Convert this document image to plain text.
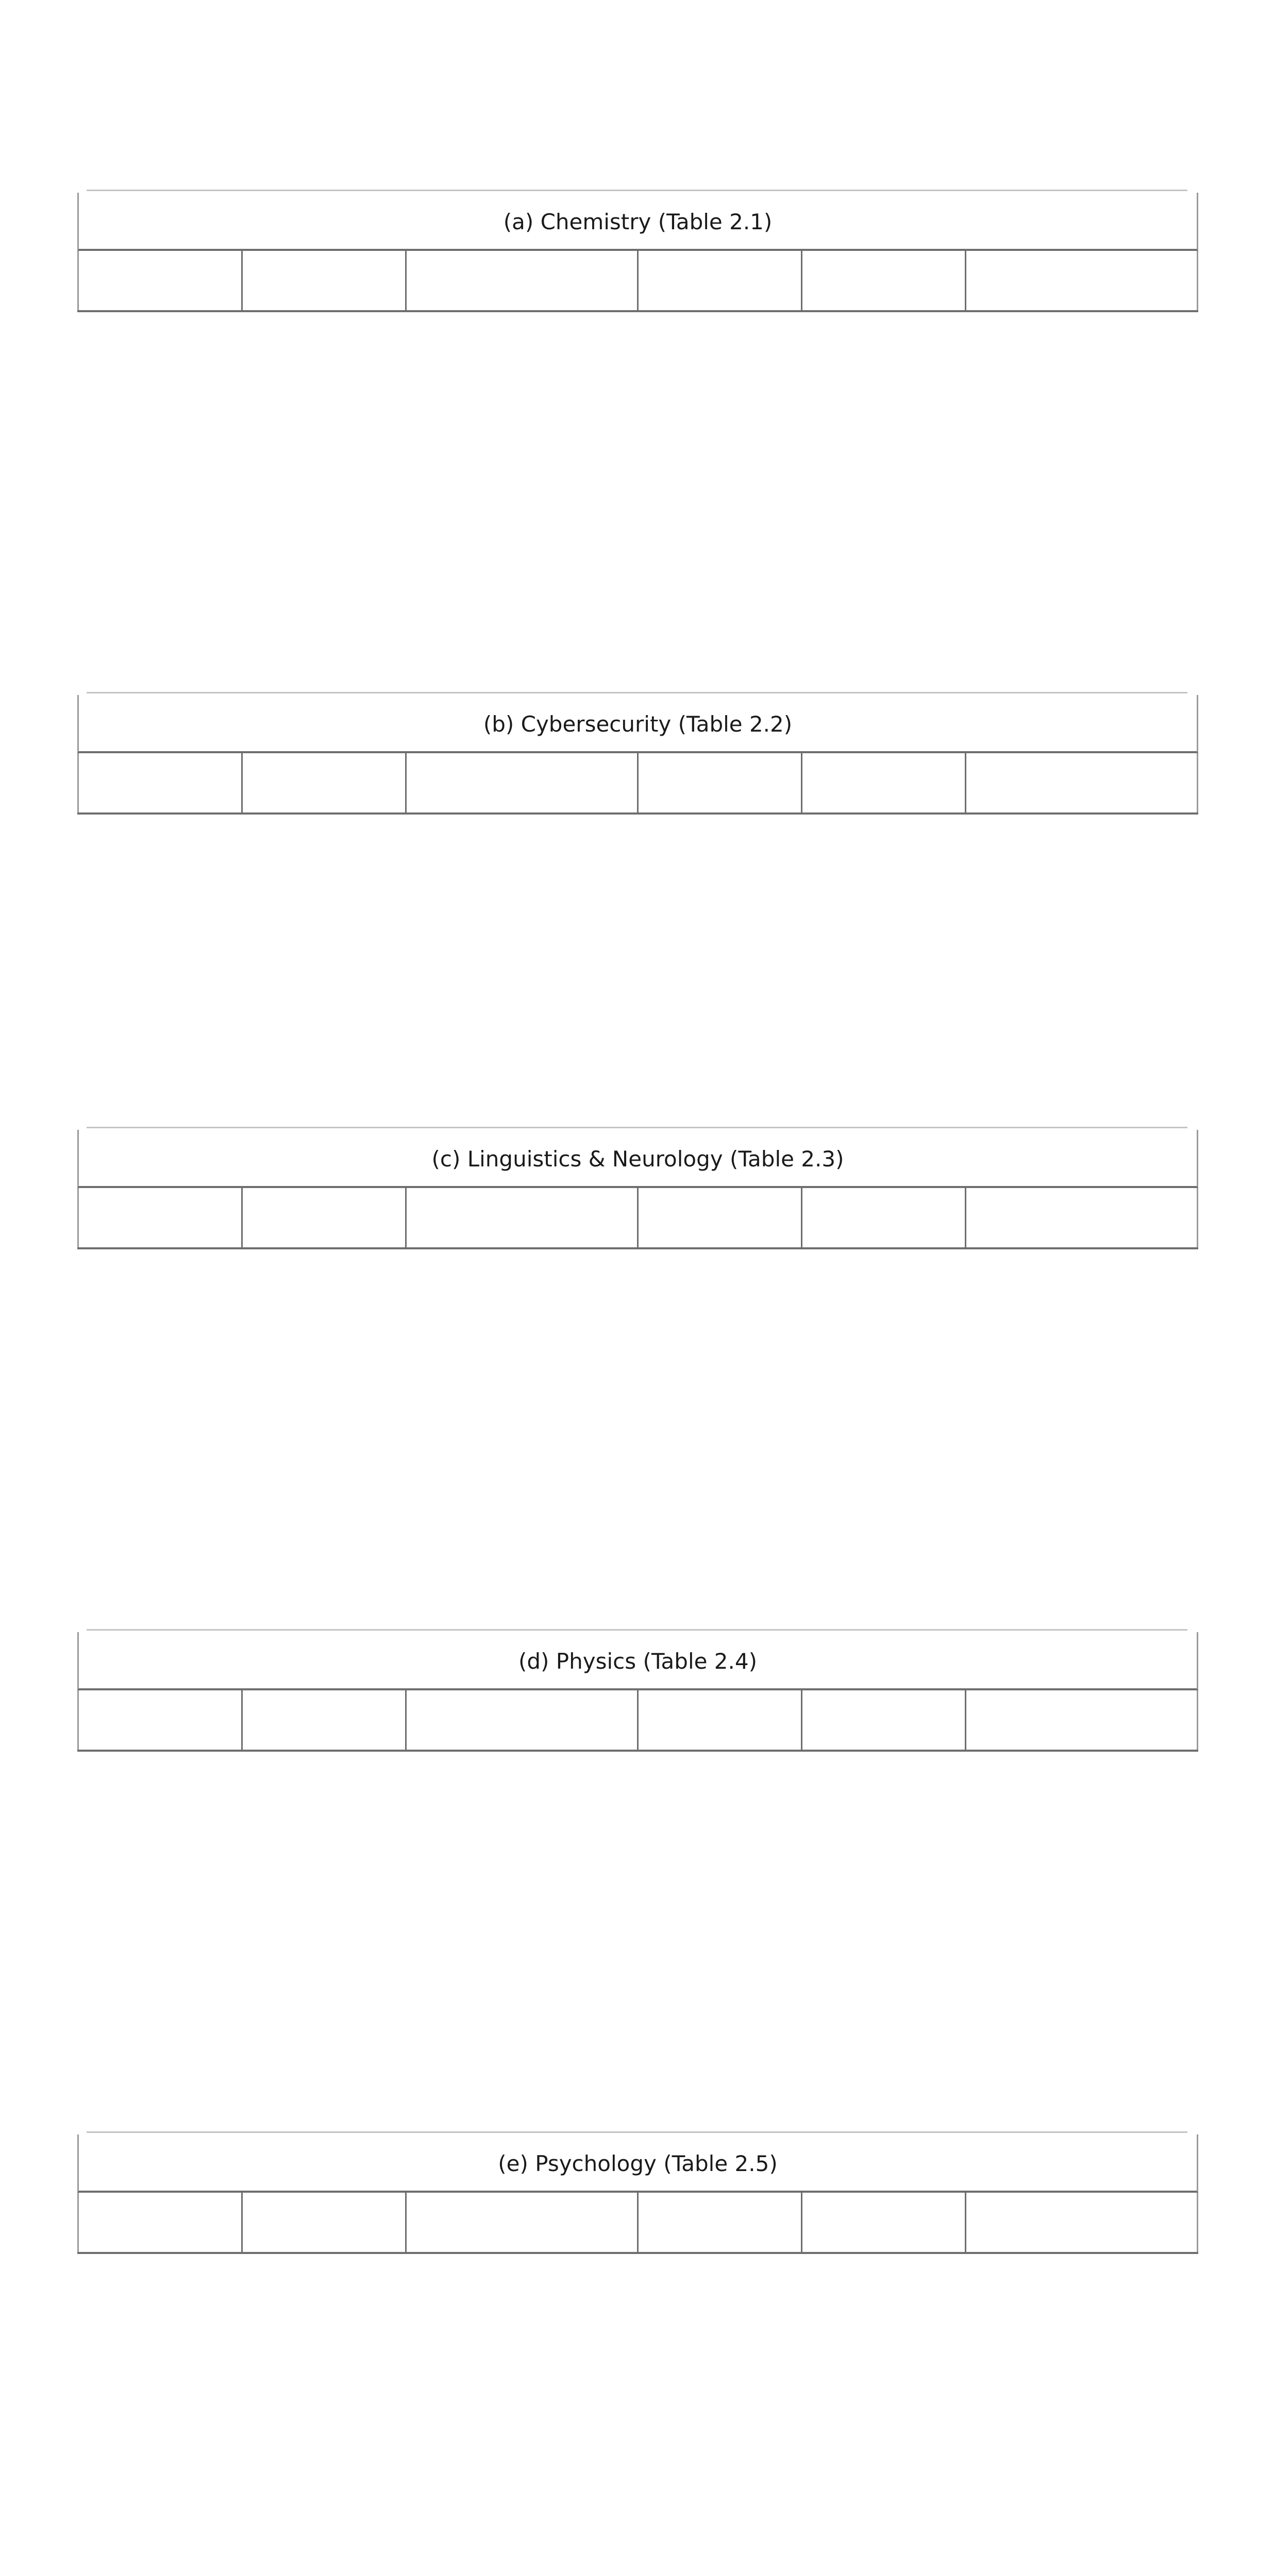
(a) Chemistry (Table 2.1)

(b) Cybersecurity (Table 2.2)

(c) Linguistics & Neurology (Table 2.3)

(d) Physics (Table 2.4)

(e) Psychology (Table 2.5)
